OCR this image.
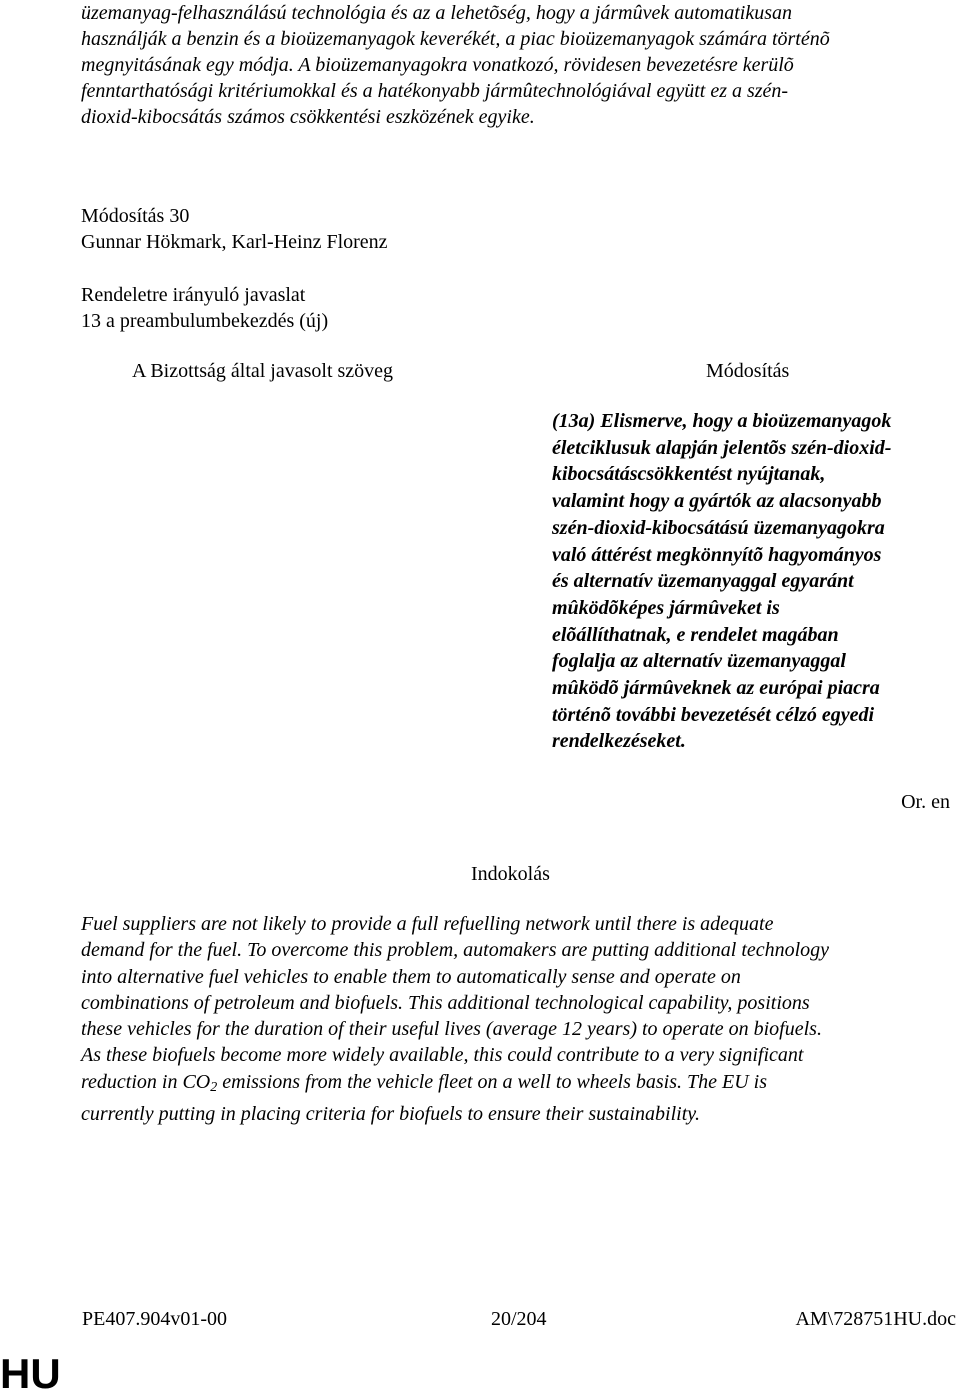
üzemanyag-felhasználású technológia és az a lehetõség, hogy a jármûvek automatikusan
használják a benzin és a bioüzemanyagok keverékét, a piac bioüzemanyagok számára történõ
megnyitásának egy módja. A bioüzemanyagokra vonatkozó, rövidesen bevezetésre kerülõ
fenntarthatósági kritériumokkal és a hatékonyabb jármûtechnológiával együtt ez a szén-
dioxid-kibocsátás számos csökkentési eszközének egyike.
Módosítás 30
Gunnar Hökmark, Karl-Heinz Florenz
Rendeletre irányuló javaslat
13 a preambulumbekezdés (új)
A Bizottság által javasolt szöveg	Módosítás
(13a) Elismerve, hogy a bioüzemanyagok
életciklusuk alapján jelentõs szén-dioxid-
kibocsátáscsökkentést nyújtanak,
valamint hogy a gyártók az alacsonyabb
szén-dioxid-kibocsátású üzemanyagokra
való áttérést megkönnyítõ hagyományos
és alternatív üzemanyaggal egyaránt
mûködõképes jármûveket is
elõállíthatnak, e rendelet magában
foglalja az alternatív üzemanyaggal
mûködõ jármûveknek az európai piacra
történõ további bevezetését célzó egyedi
rendelkezéseket.
Or. en
Indokolás
Fuel suppliers are not likely to provide a full refuelling network until there is adequate
demand for the fuel. To overcome this problem, automakers are putting additional technology
into alternative fuel vehicles to enable them to automatically sense and operate on
combinations of petroleum and biofuels. This additional technological capability, positions
these vehicles for the duration of their useful lives (average 12 years) to operate on biofuels.
As these biofuels become more widely available, this could contribute to a very significant
reduction in $CO_2$ emissions from the vehicle fleet on a well to wheels basis. The EU is
currently putting in placing criteria for biofuels to ensure their sustainability.
PE407.904v01-00	20/204	AM\728751HU.doc
HU
